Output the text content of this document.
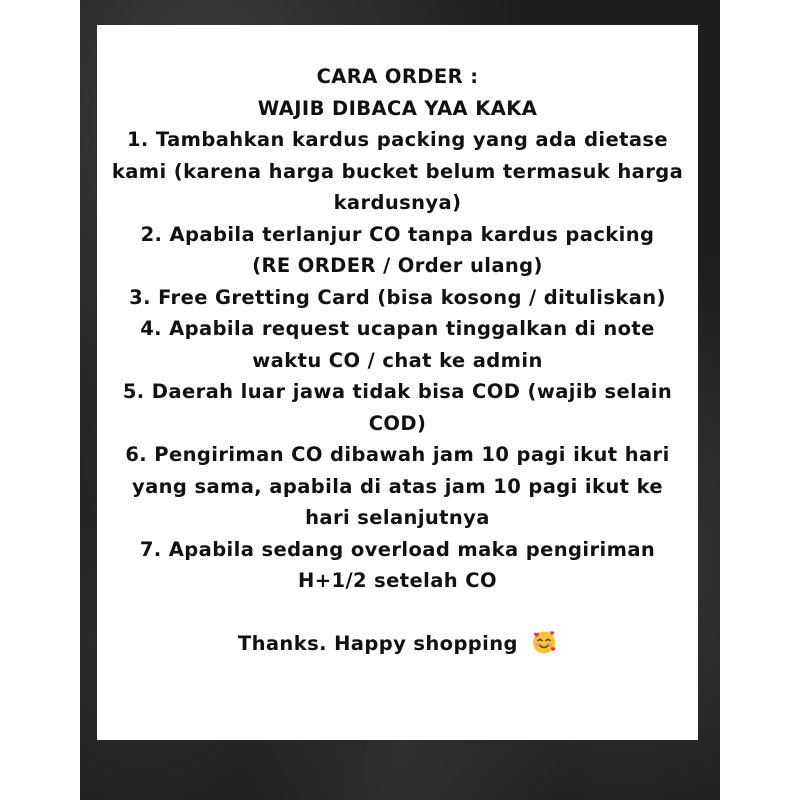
CARA ORDER :
WAJIB DIBACA YAA KAKA
1. Tambahkan kardus packing yang ada dietase
kami (karena harga bucket belum termasuk harga
kardusnya)
2. Apabila terlanjur CO tanpa kardus packing
(RE ORDER / Order ulang)
3. Free Gretting Card (bisa kosong / dituliskan)
4. Apabila request ucapan tinggalkan di note
waktu CO / chat ke admin
5. Daerah luar jawa tidak bisa COD (wajib selain
COD)
6. Pengiriman CO dibawah jam 10 pagi ikut hari
yang sama, apabila di atas jam 10 pagi ikut ke
hari selanjutnya
7. Apabila sedang overload maka pengiriman
H+1/2 setelah CO
Thanks. Happy shopping
